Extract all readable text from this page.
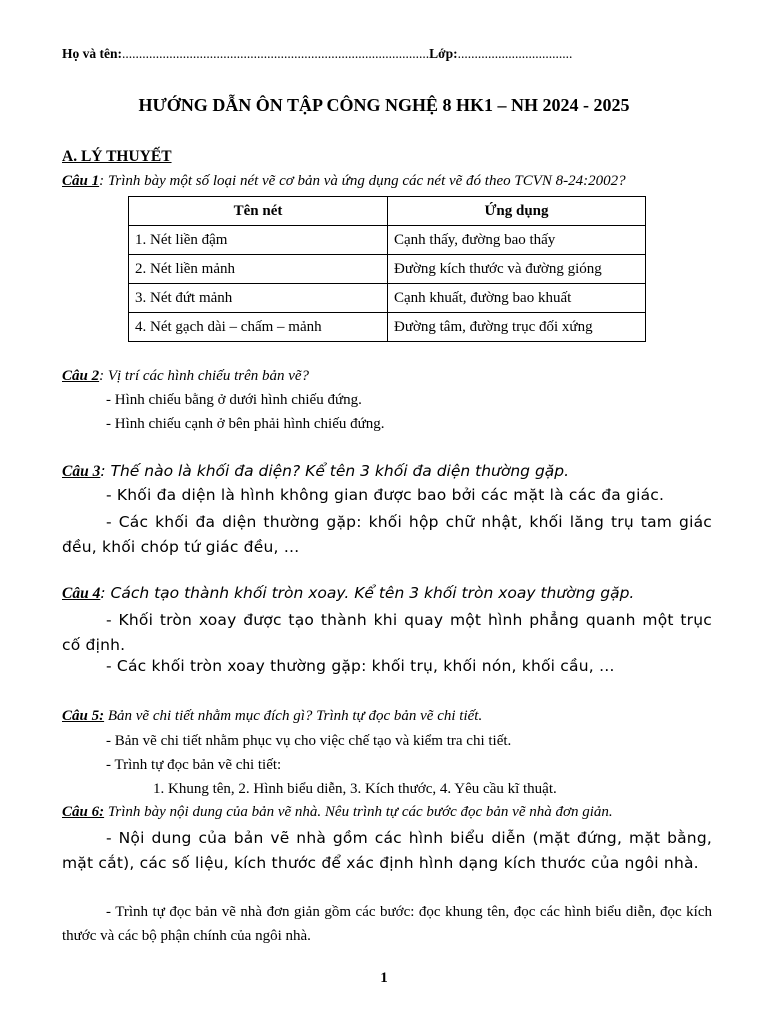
Họ và tên:...........................................................................................Lớp:..................................
HƯỚNG DẪN ÔN TẬP CÔNG NGHỆ 8 HK1 – NH 2024 - 2025
A. LÝ THUYẾT
Câu 1: Trình bày một số loại nét vẽ cơ bản và ứng dụng các nét vẽ đó theo TCVN 8-24:2002?
Tên nét	Ứng dụng
1. Nét liền đậm	Cạnh thấy, đường bao thấy
2. Nét liền mảnh	Đường kích thước và đường gióng
3. Nét đứt mảnh	Cạnh khuất, đường bao khuất
4. Nét gạch dài – chấm – mảnh	Đường tâm, đường trục đối xứng
Câu 2: Vị trí các hình chiếu trên bản vẽ?
- Hình chiếu bằng ở dưới hình chiếu đứng.
- Hình chiếu cạnh ở bên phải hình chiếu đứng.
Câu 3: Thế nào là khối đa diện? Kể tên 3 khối đa diện thường gặp.
- Khối đa diện là hình không gian được bao bởi các mặt là các đa giác.
- Các khối đa diện thường gặp: khối hộp chữ nhật, khối lăng trụ tam giác đều, khối chóp tứ giác đều, …
Câu 4: Cách tạo thành khối tròn xoay. Kể tên 3 khối tròn xoay thường gặp.
- Khối tròn xoay được tạo thành khi quay một hình phẳng quanh một trục cố định.
- Các khối tròn xoay thường gặp: khối trụ, khối nón, khối cầu, …
Câu 5: Bản vẽ chi tiết nhằm mục đích gì? Trình tự đọc bản vẽ chi tiết.
- Bản vẽ chi tiết nhằm phục vụ cho việc chế tạo và kiểm tra chi tiết.
- Trình tự đọc bản vẽ chi tiết:
1. Khung tên, 2. Hình biểu diễn, 3. Kích thước, 4. Yêu cầu kĩ thuật.
Câu 6: Trình bày nội dung của bản vẽ nhà. Nêu trình tự các bước đọc bản vẽ nhà đơn giản.
- Nội dung của bản vẽ nhà gồm các hình biểu diễn (mặt đứng, mặt bằng, mặt cắt), các số liệu, kích thước để xác định hình dạng kích thước của ngôi nhà.
- Trình tự đọc bản vẽ nhà đơn giản gồm các bước: đọc khung tên, đọc các hình biểu diễn, đọc kích thước và các bộ phận chính của ngôi nhà.
1
